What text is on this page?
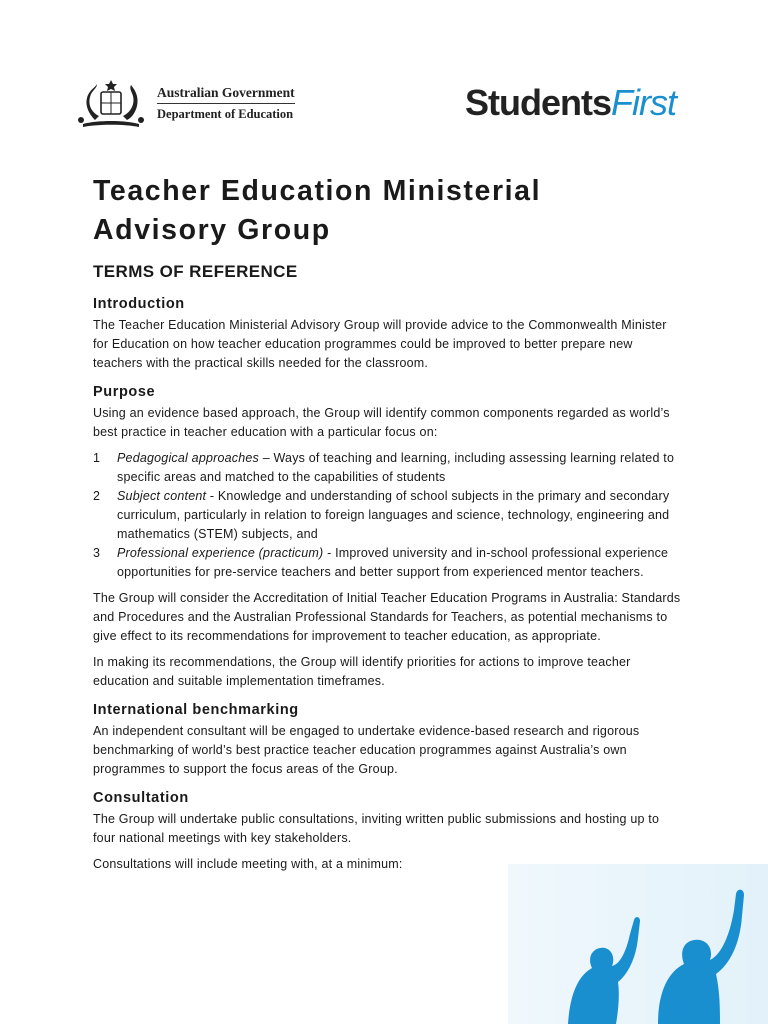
Australian Government
Department of Education	StudentsFirst
Teacher Education Ministerial Advisory Group
TERMS OF REFERENCE
Introduction

The Teacher Education Ministerial Advisory Group will provide advice to the Commonwealth Minister for Education on how teacher education programmes could be improved to better prepare new teachers with the practical skills needed for the classroom.

Purpose

Using an evidence based approach, the Group will identify common components regarded as world’s best practice in teacher education with a particular focus on:

1 Pedagogical approaches – Ways of teaching and learning, including assessing learning related to specific areas and matched to the capabilities of students
2 Subject content - Knowledge and understanding of school subjects in the primary and secondary curriculum, particularly in relation to foreign languages and science, technology, engineering and mathematics (STEM) subjects, and
3 Professional experience (practicum) - Improved university and in-school professional experience opportunities for pre-service teachers and better support from experienced mentor teachers.

The Group will consider the Accreditation of Initial Teacher Education Programs in Australia: Standards and Procedures and the Australian Professional Standards for Teachers, as potential mechanisms to give effect to its recommendations for improvement to teacher education, as appropriate.

In making its recommendations, the Group will identify priorities for actions to improve teacher education and suitable implementation timeframes.

International benchmarking

An independent consultant will be engaged to undertake evidence-based research and rigorous benchmarking of world’s best practice teacher education programmes against Australia’s own programmes to support the focus areas of the Group.

Consultation

The Group will undertake public consultations, inviting written public submissions and hosting up to four national meetings with key stakeholders.

Consultations will include meeting with, at a minimum:
